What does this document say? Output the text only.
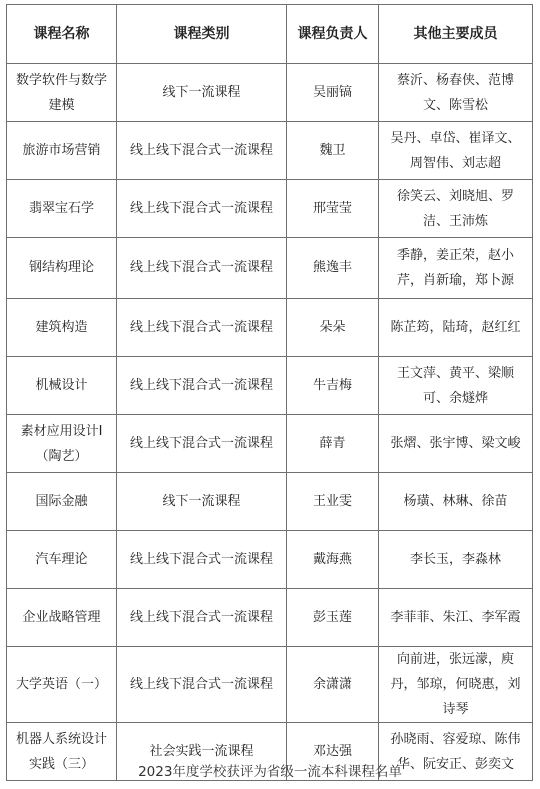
课程名称	课程类别	课程负责人	其他主要成员
数学软件与数学建模	线下一流课程	吴丽镐	蔡沂、杨春侠、范博文、陈雪松
旅游市场营销	线上线下混合式一流课程	魏卫	吴丹、卓岱、崔译文、周智伟、刘志超
翡翠宝石学	线上线下混合式一流课程	邢莹莹	徐笑云、刘晓旭、罗洁、王沛炼
钢结构理论	线上线下混合式一流课程	熊逸丰	季静，姜正荣，赵小芹，肖新瑜，郑卜源
建筑构造	线上线下混合式一流课程	朵朵	陈芷筠，陆琦，赵红红
机械设计	线上线下混合式一流课程	牛吉梅	王文萍、黄平、梁顺可、余燧烨
素材应用设计I（陶艺）	线上线下混合式一流课程	薛青	张熠、张宇博、梁文峻
国际金融	线下一流课程	王业雯	杨璜、林琳、徐苗
汽车理论	线上线下混合式一流课程	戴海燕	李长玉，李淼林
企业战略管理	线上线下混合式一流课程	彭玉莲	李菲菲、朱江、李军霞
大学英语（一）	线上线下混合式一流课程	余潇潇	向前进，张远濛，庾丹，邹琼，何晓惠，刘诗琴
机器人系统设计实践（三）	社会实践一流课程	邓达强	孙晓雨、容爱琼、陈伟华、阮安正、彭奕文
2023年度学校获评为省级一流本科课程名单
